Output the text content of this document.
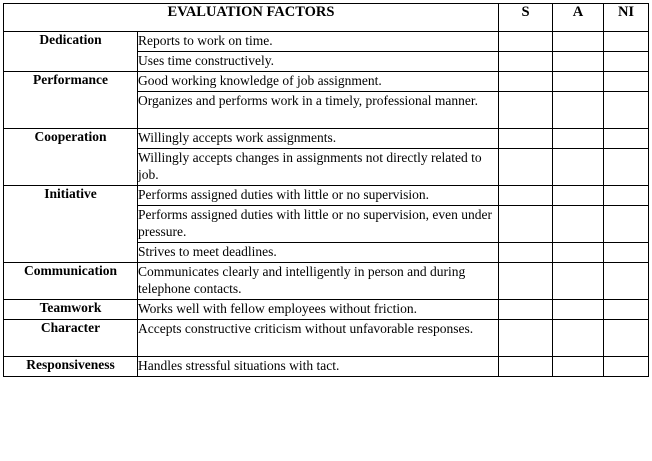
EVALUATION FACTORS		S	A	NI
Dedication	Reports to work on time.			
	Uses time constructively.			
Performance	Good working knowledge of job assignment.			
	Organizes and performs work in a timely, professional manner.			
Cooperation	Willingly accepts work assignments.			
	Willingly accepts changes in assignments not directly related to job.			
Initiative	Performs assigned duties with little or no supervision.			
	Performs assigned duties with little or no supervision, even under pressure.			
	Strives to meet deadlines.			
Communication	Communicates clearly and intelligently in person and during telephone contacts.			
Teamwork	Works well with fellow employees without friction.			
Character	Accepts constructive criticism without unfavorable responses.			
Responsiveness	Handles stressful situations with tact.			
